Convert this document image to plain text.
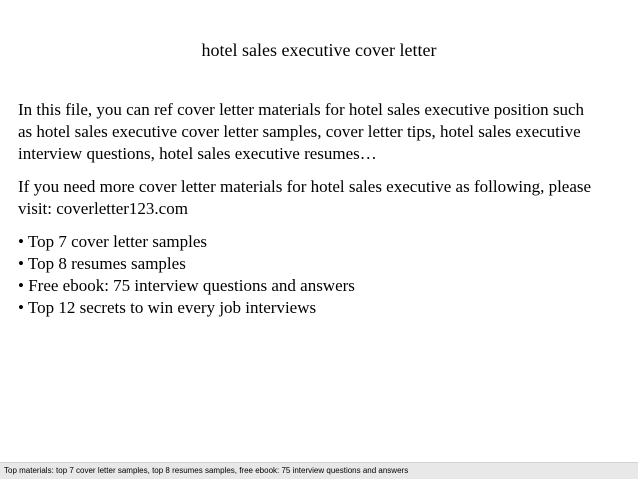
hotel sales executive cover letter

In this file, you can ref cover letter materials for hotel sales executive position such

as hotel sales executive cover letter samples, cover letter tips, hotel sales executive

interview questions, hotel sales executive resumes…

If you need more cover letter materials for hotel sales executive as following, please

visit: coverletter123.com

• Top 7 cover letter samples
• Top 8 resumes samples
• Free ebook: 75 interview questions and answers
• Top 12 secrets to win every job interviews
Top materials: top 7 cover letter samples, top 8 resumes samples, free ebook: 75 interview questions and answers
